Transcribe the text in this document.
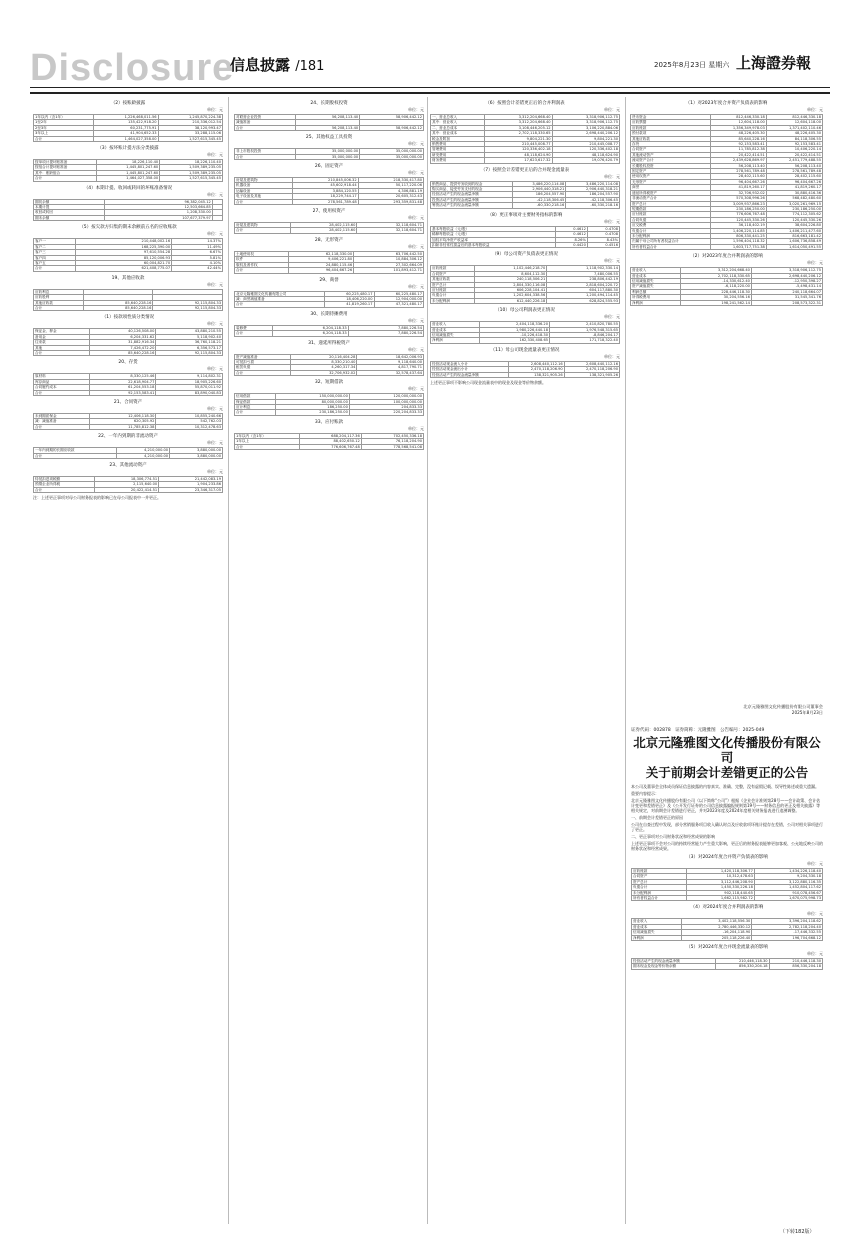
Disclosure
信息披露 /181	2025年8月23日 星期六 上海證券報
（2）按账龄披露
单位：元
1年以内（含1年）	1,226,468,011.56	1,245,870,224.38
1至2年	135,422,918.20	210,336,012.54
2至3年	60,231,775.91	38,120,993.47
3年以上	41,904,652.33	33,288,115.06
合计	1,464,027,358.00	1,527,615,345.45
（3）按坏账计提方法分类披露
单位：元
按单项计提坏账准备	18,226,110.40	18,226,110.40
按组合计提坏账准备	1,445,801,247.60	1,509,389,235.05
其中：账龄组合	1,445,801,247.60	1,509,389,235.05
合计	1,464,027,358.00	1,527,615,345.45
（4）本期计提、收回或转回的坏账准备情况
单位：元
期初余额	96,382,045.12	
本期计提	12,503,664.85	
收回或转回	1,208,330.00	
期末余额	107,677,379.97	
（5）按欠款方归集的期末余额前五名的应收账款
单位：元
客户一	210,448,002.16	14.37%
客户二	168,225,390.00	11.49%
客户三	97,610,554.28	6.67%
客户四	85,120,006.93	5.81%
客户五	60,004,821.70	4.10%
合计	621,408,775.07	42.44%
19、其他应收款
单位：元
应收利息		
应收股利		
其他应收款	85,640,228.16	92,115,804.33
合计	85,640,228.16	92,115,804.33
（1）按款项性质分类情况
单位：元
保证金、押金	40,126,508.00	43,880,210.55
备用金	6,204,331.62	5,118,902.40
往来款	31,882,916.34	36,760,118.21
其他	7,426,472.20	6,356,573.17
合计	85,640,228.16	92,115,804.33
20、存货
单位：元
原材料	8,330,125.46	9,114,802.31
库存商品	22,618,904.77	18,905,226.60
合同履约成本	61,204,553.18	55,870,011.92
合计	92,153,583.41	83,890,040.83
21、合同资产
单位：元
未到期质保金	12,406,118.30	10,855,240.66
减：减值准备	620,305.92	542,762.03
合计	11,785,812.38	10,312,478.63
22、一年内到期的非流动资产
单位：元
一年内到期的长期应收款	4,210,000.00	3,880,000.00
合计	4,210,000.00	3,880,000.00
23、其他流动资产
单位：元
待抵扣进项税额	18,306,774.51	21,442,083.19
预缴企业所得税	2,115,640.00	1,904,233.86
合计	20,422,414.51	23,346,317.05
注：上述更正事项对母公司财务报表的影响已在母公司报表中一并更正。
24、长期股权投资
单位：元
对联营企业投资	56,208,113.40	58,906,442.12
减值准备		
合计	56,208,113.40	58,906,442.12
25、其他权益工具投资
单位：元
非上市股权投资	35,000,000.00	35,000,000.00
合计	35,000,000.00	35,000,000.00
26、固定资产
单位：元
房屋及建筑物	210,845,006.32	218,330,417.80
机器设备	45,602,918.44	50,117,220.06
运输设备	3,884,120.55	4,306,881.19
电子设备及其他	18,229,744.17	20,605,312.43
合计	278,561,789.48	293,359,831.48
27、使用权资产
单位：元
房屋及建筑物	28,402,115.60	32,118,604.71
合计	28,402,115.60	32,118,604.71
28、无形资产
单位：元
土地使用权	62,118,330.00	63,706,442.50
软件	9,406,221.80	10,884,306.12
版权及著作权	24,880,115.46	27,302,664.09
合计	96,404,667.26	101,893,412.71
29、商誉
单位：元
北京元隆雅图文化传播有限公司	60,225,480.17	60,225,480.17
减：商誉减值准备	18,406,220.00	12,904,000.00
合计	41,819,260.17	47,321,480.17
30、长期待摊费用
单位：元
装修费	6,204,118.33	7,880,226.54
合计	6,204,118.33	7,880,226.54
31、递延所得税资产
单位：元
资产减值准备	20,116,404.28	18,642,006.93
可抵扣亏损	8,330,210.40	9,118,640.00
租赁负债	4,260,317.34	4,817,790.71
合计	32,706,932.02	32,578,437.64
32、短期借款
单位：元
信用借款	150,000,000.00	120,000,000.00
保证借款	80,000,000.00	100,000,000.00
应计利息	186,250.00	204,833.33
合计	230,186,250.00	220,204,833.33
33、应付账款
单位：元
1年以内（含1年）	688,204,117.36	702,450,336.18
1年以上	88,402,650.12	76,118,204.90
合计	776,606,767.48	778,568,541.08
（6）按照会计差错更正后的合并利润表
单位：元
一、营业总收入	3,312,204,668.40	3,318,906,112.75
其中：营业收入	3,312,204,668.40	3,318,906,112.75
二、营业总成本	3,108,446,205.12	3,106,220,884.06
其中：营业成本	2,702,118,330.65	2,698,440,206.12
税金及附加	9,804,221.30	9,804,221.30
销售费用	210,445,008.77	210,445,008.77
管理费用	120,336,402.18	120,336,402.18
研发费用	48,118,624.90	48,118,624.90
财务费用	17,623,617.32	19,076,420.79
（7）按照会计差错更正后的合并现金流量表
单位：元
销售商品、提供劳务收到的现金	3,486,220,114.08	3,486,220,114.08
购买商品、接受劳务支付的现金	2,906,440,318.21	2,906,440,318.21
经营活动产生的现金流量净额	186,204,557.90	186,204,557.90
投资活动产生的现金流量净额	-42,118,306.45	-42,118,306.45
筹资活动产生的现金流量净额	-60,330,218.16	-60,330,218.16
（8）更正事项对主要财务指标的影响
单位：元
基本每股收益（元/股）	0.4612	0.4708
稀释每股收益（元/股）	0.4612	0.4708
加权平均净资产收益率	8.26%	8.43%
扣除非经常性损益后的基本每股收益	0.4420	0.4516
（9）母公司资产负债表更正情况
单位：元
应收账款	1,102,446,218.70	1,118,902,330.14
合同资产	8,604,112.30	7,480,006.55
其他应收款	240,118,506.21	238,806,442.19
资产总计	2,804,330,116.08	2,818,604,220.72
应付账款	606,228,104.41	604,117,880.30
负债合计	1,202,604,338.56	1,200,494,114.45
未分配利润	612,440,226.18	628,824,555.93
（10）母公司利润表更正情况
单位：元
营业收入	2,404,118,336.20	2,410,820,780.55
营业成本	1,980,226,440.18	1,976,548,315.65
信用减值损失	-10,226,418.30	-8,846,204.17
净利润	162,330,408.65	171,718,322.40
（11）母公司现金流量表更正情况
单位：元
经营活动现金流入小计	2,608,440,112.16	2,608,440,112.16
经营活动现金流出小计	2,470,118,206.90	2,470,118,206.90
经营活动产生的现金流量净额	138,321,905.26	138,321,905.26
上述更正事项不影响公司现金流量表中的现金及现金等价物余额。
（1）对2023年度合并资产负债表的影响
单位：元
货币资金	812,446,330.18	812,446,330.18
应收票据	12,604,118.00	12,604,118.00
应收账款	1,356,349,978.03	1,371,402,110.46
预付款项	48,226,405.30	48,226,405.30
其他应收款	85,640,228.16	84,118,306.55
存货	92,153,583.41	92,153,583.41
合同资产	11,785,812.38	10,406,220.14
其他流动资产	20,422,414.51	20,422,414.51
流动资产合计	2,439,628,869.97	2,451,779,488.55
长期股权投资	56,208,113.40	56,208,113.40
固定资产	278,561,789.48	278,561,789.48
使用权资产	28,402,115.60	28,402,115.60
无形资产	96,404,667.26	96,404,667.26
商誉	41,819,260.17	41,819,260.17
递延所得税资产	32,706,932.02	30,880,416.36
非流动资产合计	570,308,996.26	568,482,480.60
资产总计	3,009,937,866.23	3,020,261,969.15
短期借款	230,186,250.00	230,186,250.00
应付账款	776,606,767.48	774,112,305.62
合同负债	120,445,330.26	120,445,330.26
应交税费	36,118,402.19	38,604,226.80
负债合计	1,406,220,114.85	1,406,211,477.60
未分配利润	806,330,441.25	816,663,181.42
归属于母公司所有者权益合计	1,596,404,118.32	1,606,736,858.49
所有者权益合计	1,603,717,751.38	1,614,050,491.55
（2）对2023年度合并利润表的影响
单位：元
营业收入	3,312,204,668.40	3,318,906,112.75
营业成本	2,702,118,330.65	2,698,440,206.12
信用减值损失	-14,330,612.40	-12,950,398.27
资产减值损失	-6,118,220.00	-5,498,431.14
利润总额	228,446,118.30	240,118,664.07
所得税费用	30,204,556.16	31,545,341.76
净利润	198,241,562.14	208,573,322.31
北京元隆雅图文化传播股份有限公司董事会
2025年8月23日
证券代码：002878　证券简称：元隆雅图　公告编号：2025-049
北京元隆雅图文化传播股份有限公司
关于前期会计差错更正的公告
本公司及董事会全体成员保证信息披露的内容真实、准确、完整，没有虚假记载、误导性陈述或重大遗漏。
重要内容提示：
北京元隆雅图文化传播股份有限公司（以下简称“公司”）根据《企业会计准则第28号——会计政策、会计估计变更和差错更正》及《公开发行证券的公司信息披露编报规则第19号——财务信息的更正及相关披露》等相关规定，对前期会计差错进行更正，并对2023年度及2024年度相关财务报表进行追溯调整。
一、前期会计差错更正的原因
公司在自查过程中发现，部分营销服务项目收入确认时点及应收款项坏账计提存在差错，公司对相关事项进行了更正。
二、更正事项对公司财务状况和经营成果的影响
上述更正事项不会对公司的持续经营能力产生重大影响，更正后的财务报表能够更加客观、公允地反映公司的财务状况和经营成果。
（3）对2024年度合并资产负债表的影响
单位：元
应收账款	1,420,118,306.77	1,434,226,118.40
合同资产	10,312,478.63	9,204,330.18
资产总计	3,112,446,208.90	3,122,880,116.35
负债合计	1,450,330,226.18	1,452,804,117.62
未分配利润	902,118,440.65	910,078,456.67
所有者权益合计	1,662,115,982.72	1,670,075,998.73
（4）对2024年度合并利润表的影响
单位：元
营业收入	3,402,118,556.30	3,396,204,118.62
营业成本	2,780,446,330.12	2,782,118,204.40
信用减值损失	-16,204,118.90	-17,446,332.55
净利润	205,118,226.40	196,704,668.12
（5）对2024年度合并现金流量表的影响
单位：元
经营活动产生的现金流量净额	210,446,118.30	210,446,118.30
期末现金及现金等价物余额	856,330,204.18	856,330,204.18
（下转182版）
